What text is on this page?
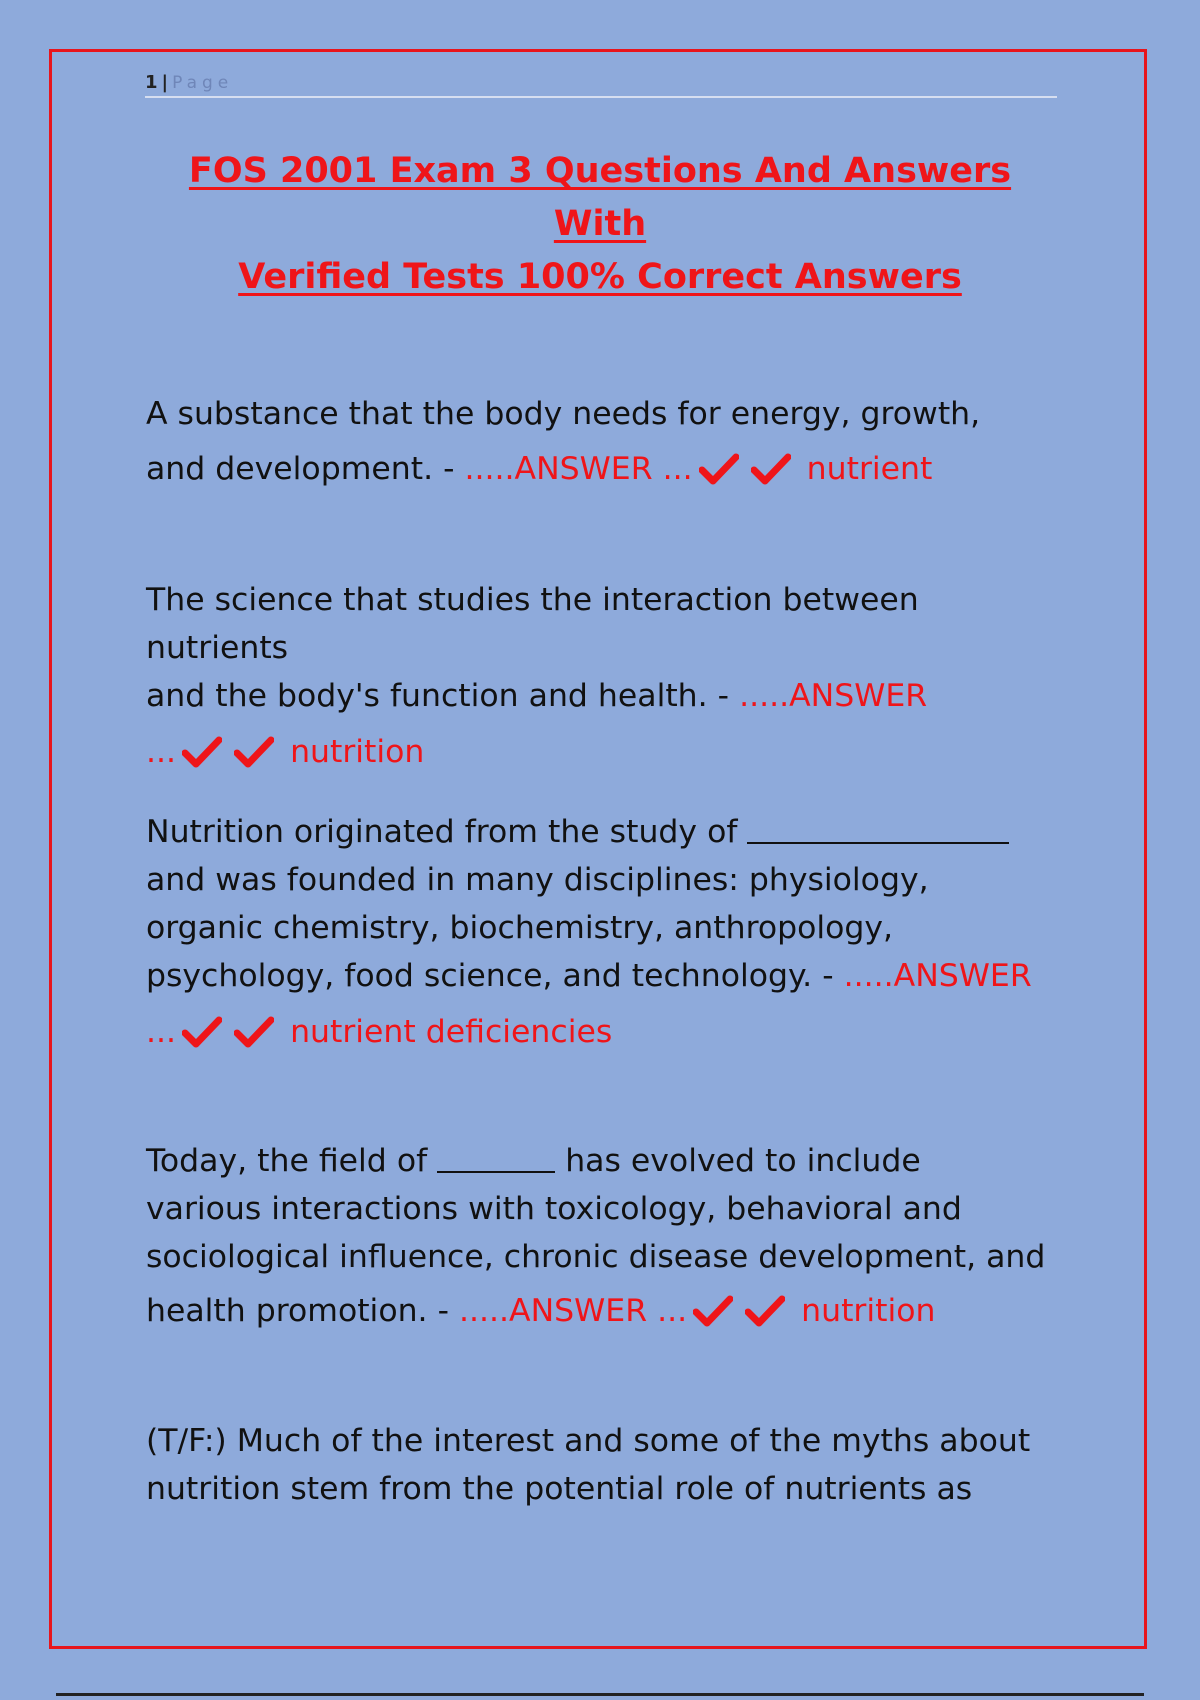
1 | Page
FOS 2001 Exam 3 Questions And Answers With
Verified Tests 100% Correct Answers
A substance that the body needs for energy, growth,
and development. - .....ANSWER ...	nutrient
The science that studies the interaction between nutrients
and the body's function and health. - .....ANSWER
...	nutrition
Nutrition originated from the study of
and was founded in many disciplines: physiology,
organic chemistry, biochemistry, anthropology,
psychology, food science, and technology. - .....ANSWER
...	nutrient deficiencies
Today, the field of	has evolved to include
various interactions with toxicology, behavioral and
sociological influence, chronic disease development, and
health promotion. - .....ANSWER ...	nutrition
(T/F:) Much of the interest and some of the myths about
nutrition stem from the potential role of nutrients as
